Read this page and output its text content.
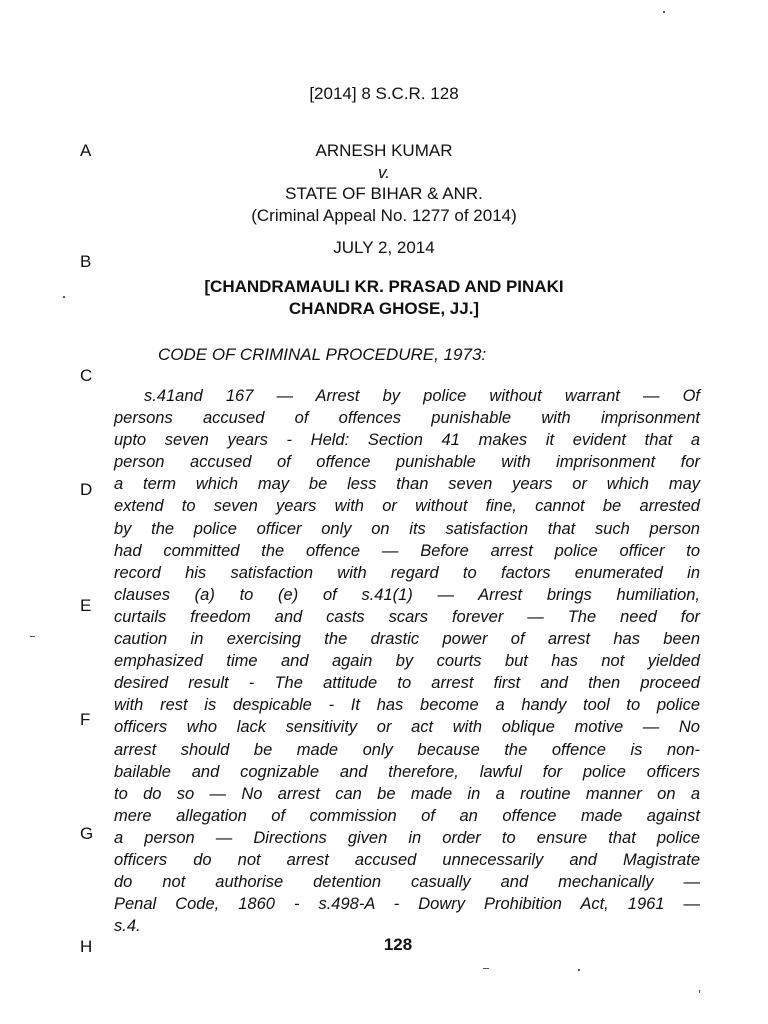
[2014] 8 S.C.R. 128
ARNESH KUMAR
v.
STATE OF BIHAR & ANR.
(Criminal Appeal No. 1277 of 2014)
JULY 2, 2014
[CHANDRAMAULI KR. PRASAD AND PINAKI
CHANDRA GHOSE, JJ.]
A
B
C
D
E
F
G
H
CODE OF CRIMINAL PROCEDURE, 1973:
s.41and 167 — Arrest by police without warrant — Of
persons accused of offences punishable with imprisonment
upto seven years - Held: Section 41 makes it evident that a
person accused of offence punishable with imprisonment for
a term which may be less than seven years or which may
extend to seven years with or without fine, cannot be arrested
by the police officer only on its satisfaction that such person
had committed the offence — Before arrest police officer to
record his satisfaction with regard to factors enumerated in
clauses (a) to (e) of s.41(1) — Arrest brings humiliation,
curtails freedom and casts scars forever — The need for
caution in exercising the drastic power of arrest has been
emphasized time and again by courts but has not yielded
desired result - The attitude to arrest first and then proceed
with rest is despicable - It has become a handy tool to police
officers who lack sensitivity or act with oblique motive — No
arrest should be made only because the offence is non-
bailable and cognizable and therefore, lawful for police officers
to do so — No arrest can be made in a routine manner on a
mere allegation of commission of an offence made against
a person — Directions given in order to ensure that police
officers do not arrest accused unnecessarily and Magistrate
do not authorise detention casually and mechanically —
Penal Code, 1860 - s.498-A - Dowry Prohibition Act, 1961 —
s.4.
128
